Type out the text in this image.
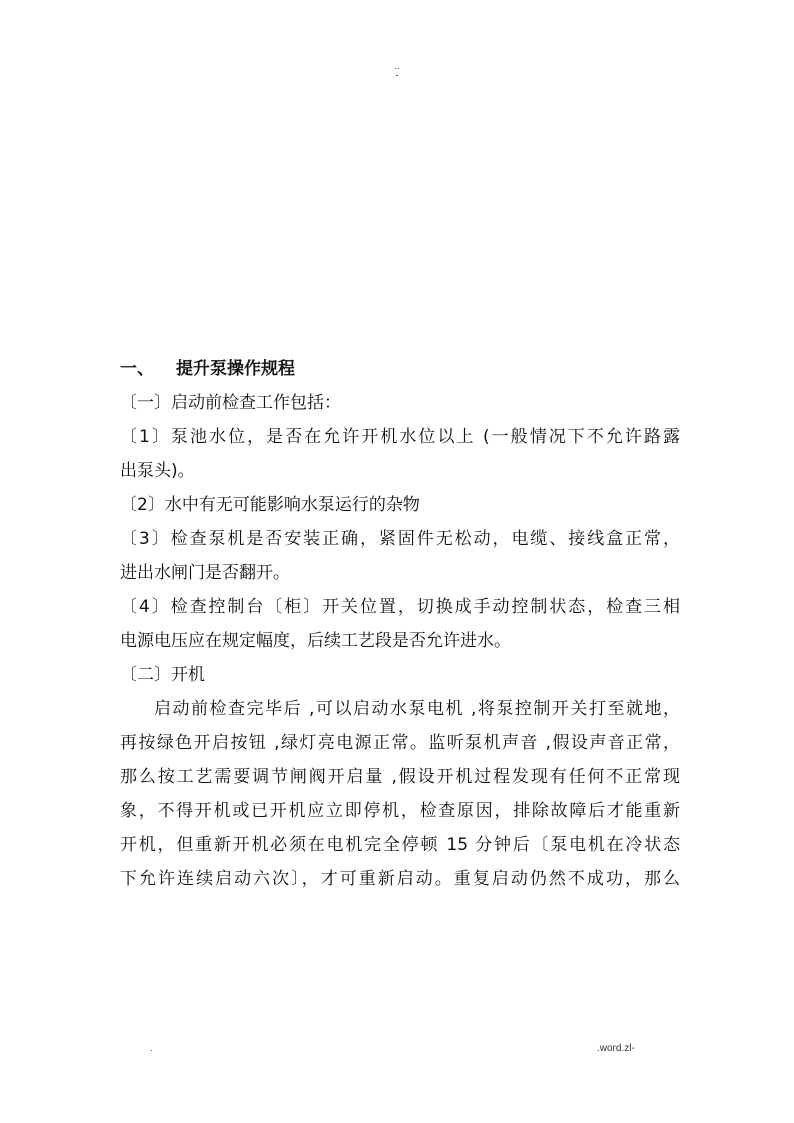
..
-
一、 提升泵操作规程
〔一〕启动前检查工作包括：
〔1〕泵池水位，是否在允许开机水位以上 (一般情况下不允许路露
出泵头)。
〔2〕水中有无可能影响水泵运行的杂物
〔3〕检查泵机是否安装正确，紧固件无松动，电缆、接线盒正常，
进出水闸门是否翻开。
〔4〕检查控制台〔柜〕开关位置，切换成手动控制状态，检查三相
电源电压应在规定幅度，后续工艺段是否允许进水。
〔二〕开机
启动前检查完毕后 ,可以启动水泵电机 ,将泵控制开关打至就地，
再按绿色开启按钮 ,绿灯亮电源正常。监听泵机声音 ,假设声音正常，
那么按工艺需要调节闸阀开启量 ,假设开机过程发现有任何不正常现
象，不得开机或已开机应立即停机，检查原因，排除故障后才能重新
开机，但重新开机必须在电机完全停顿 15 分钟后〔泵电机在冷状态
下允许连续启动六次〕，才可重新启动。重复启动仍然不成功，那么
.	.word.zl-
